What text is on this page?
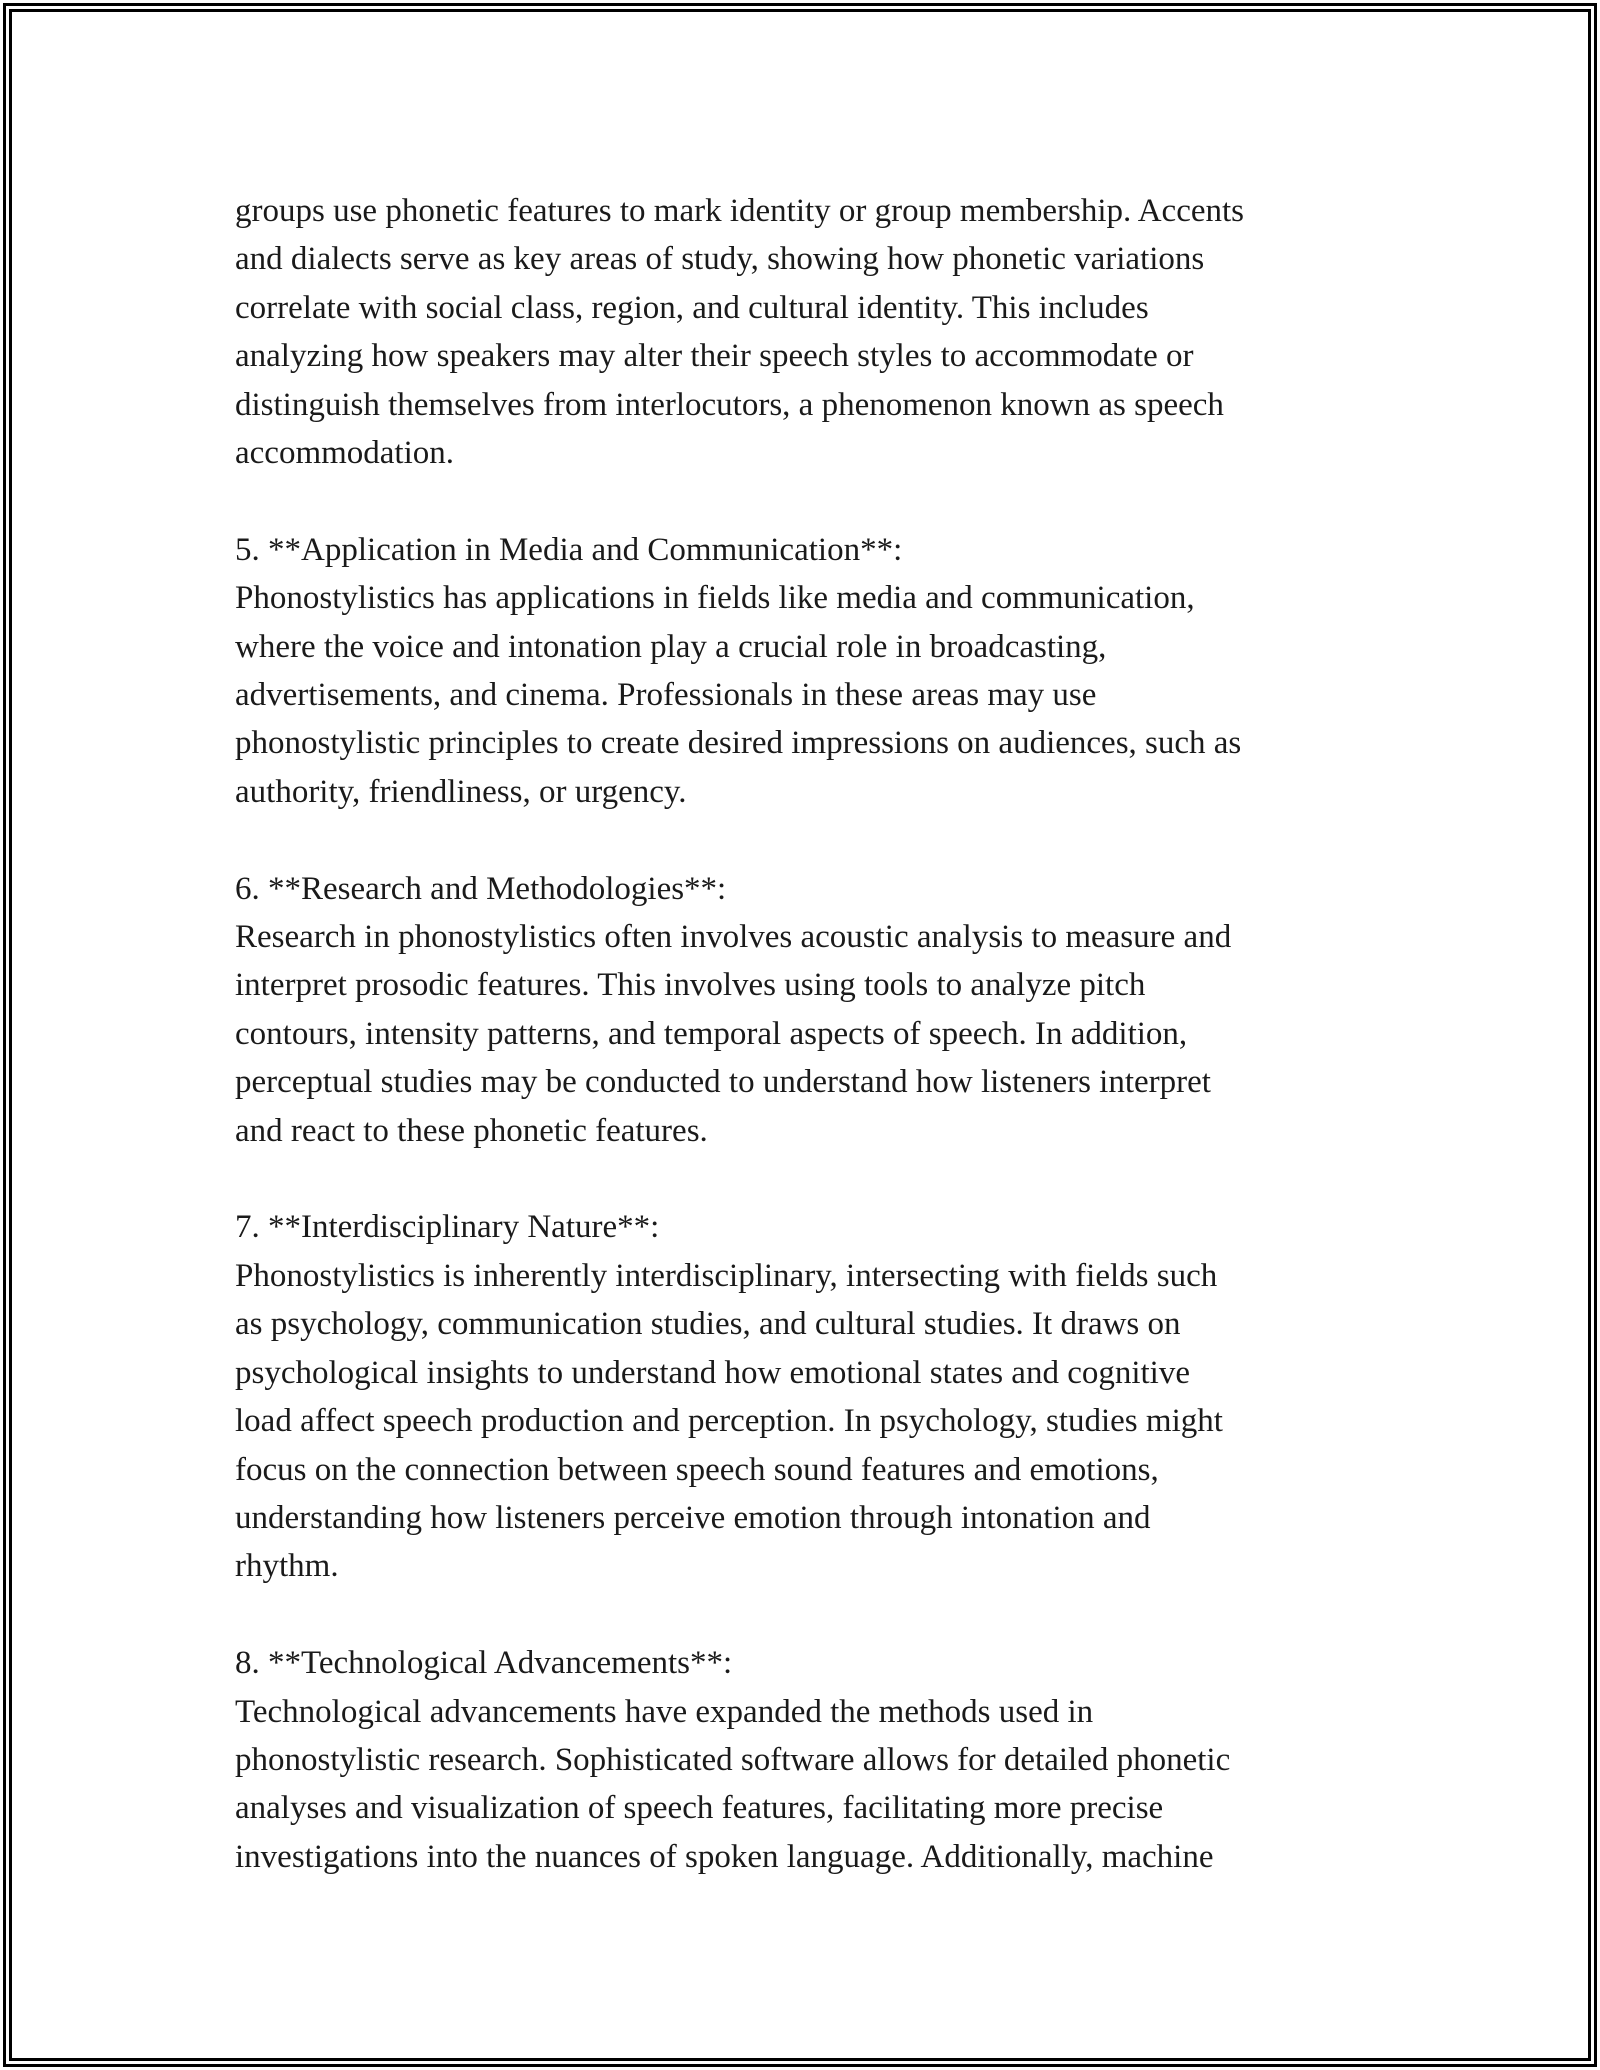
groups use phonetic features to mark identity or group membership. Accents
and dialects serve as key areas of study, showing how phonetic variations
correlate with social class, region, and cultural identity. This includes
analyzing how speakers may alter their speech styles to accommodate or
distinguish themselves from interlocutors, a phenomenon known as speech
accommodation.

5. **Application in Media and Communication**:
Phonostylistics has applications in fields like media and communication,
where the voice and intonation play a crucial role in broadcasting,
advertisements, and cinema. Professionals in these areas may use
phonostylistic principles to create desired impressions on audiences, such as
authority, friendliness, or urgency.

6. **Research and Methodologies**:
Research in phonostylistics often involves acoustic analysis to measure and
interpret prosodic features. This involves using tools to analyze pitch
contours, intensity patterns, and temporal aspects of speech. In addition,
perceptual studies may be conducted to understand how listeners interpret
and react to these phonetic features.

7. **Interdisciplinary Nature**:
Phonostylistics is inherently interdisciplinary, intersecting with fields such
as psychology, communication studies, and cultural studies. It draws on
psychological insights to understand how emotional states and cognitive
load affect speech production and perception. In psychology, studies might
focus on the connection between speech sound features and emotions,
understanding how listeners perceive emotion through intonation and
rhythm.

8. **Technological Advancements**:
Technological advancements have expanded the methods used in
phonostylistic research. Sophisticated software allows for detailed phonetic
analyses and visualization of speech features, facilitating more precise
investigations into the nuances of spoken language. Additionally, machine
